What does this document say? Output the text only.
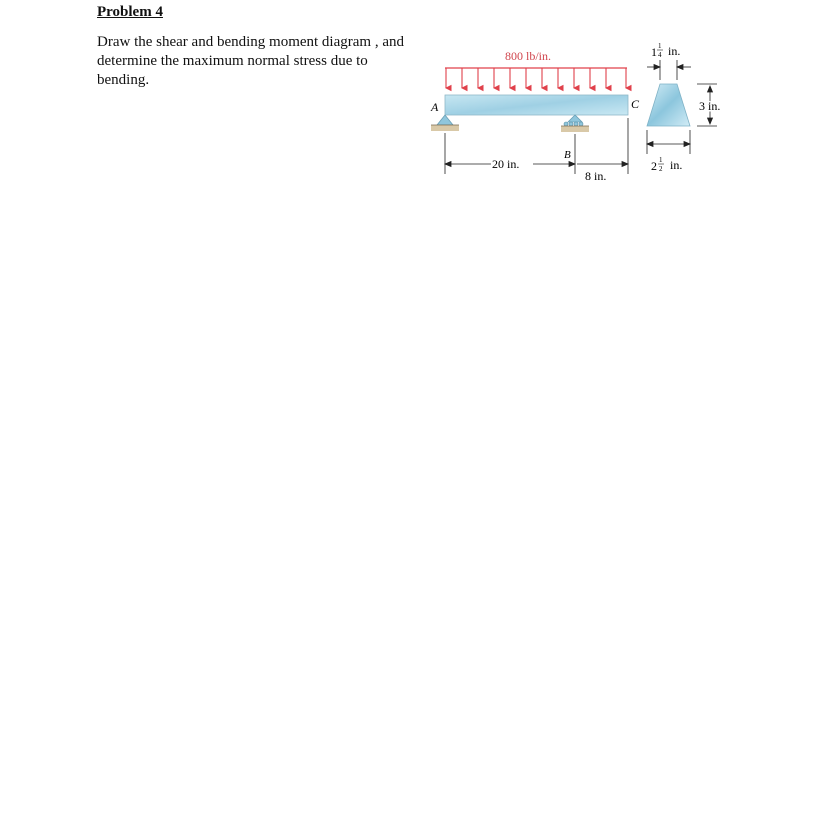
Problem 4
Draw the shear and bending moment diagram , and determine the maximum normal stress due to bending.
800 lb/in.
A	C
20 in.
B
8 in.
1 1
4 in.
3 in.
2 1
2 in.
